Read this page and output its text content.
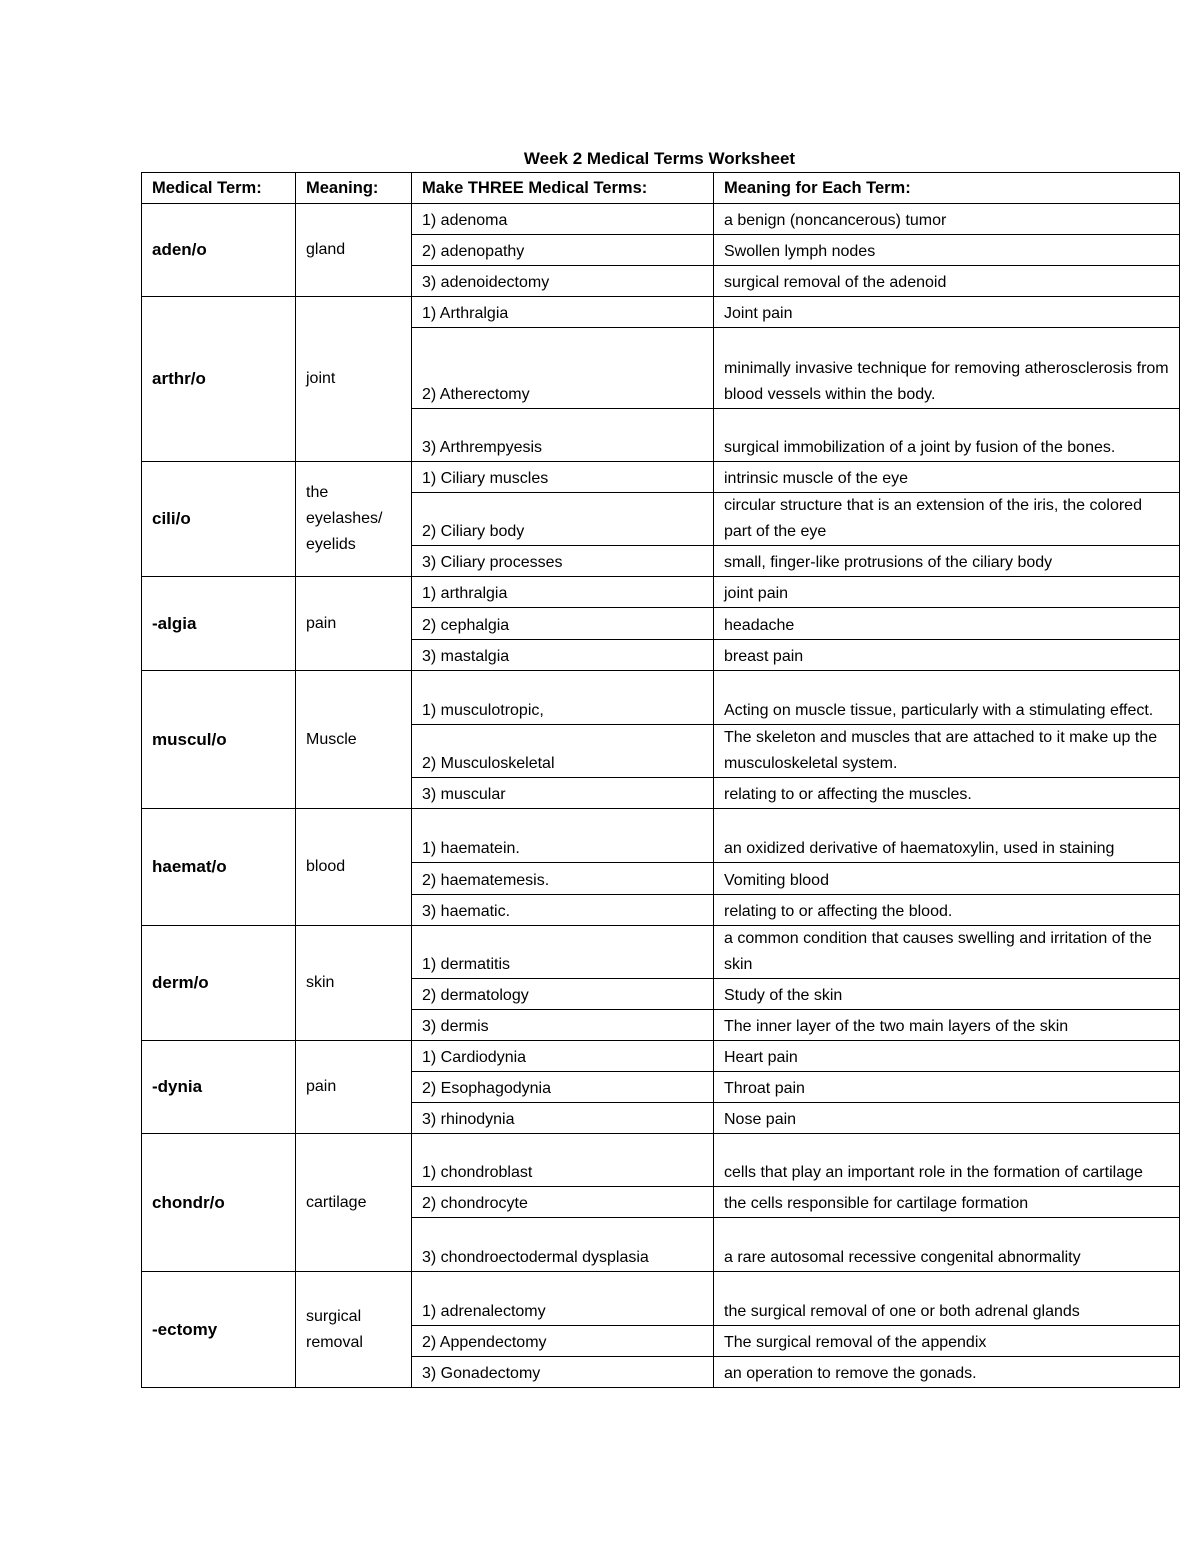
Week 2 Medical Terms Worksheet
Medical Term:	Meaning:	Make THREE Medical Terms:	Meaning for Each Term:
aden/o	gland	1) adenoma	a benign (noncancerous) tumor
		2) adenopathy	Swollen lymph nodes
		3) adenoidectomy	surgical removal of the adenoid
arthr/o	joint	1) Arthralgia	Joint pain
		2) Atherectomy	minimally invasive technique for removing atherosclerosis from blood vessels within the body.
		3) Arthrempyesis	surgical immobilization of a joint by fusion of the bones.
cili/o	the eyelashes/ eyelids	1) Ciliary muscles	intrinsic muscle of the eye
		2) Ciliary body	circular structure that is an extension of the iris, the colored part of the eye
		3) Ciliary processes	small, finger-like protrusions of the ciliary body
-algia	pain	1) arthralgia	joint pain
		2) cephalgia	headache
		3) mastalgia	breast pain
muscul/o	Muscle	1) musculotropic,	Acting on muscle tissue, particularly with a stimulating effect.
		2) Musculoskeletal	The skeleton and muscles that are attached to it make up the musculoskeletal system.
		3) muscular	relating to or affecting the muscles.
haemat/o	blood	1) haematein.	an oxidized derivative of haematoxylin, used in staining
		2) haematemesis.	Vomiting blood
		3) haematic.	relating to or affecting the blood.
derm/o	skin	1) dermatitis	a common condition that causes swelling and irritation of the skin
		2) dermatology	Study of the skin
		3) dermis	The inner layer of the two main layers of the skin
-dynia	pain	1) Cardiodynia	Heart pain
		2) Esophagodynia	Throat pain
		3) rhinodynia	Nose pain
chondr/o	cartilage	1) chondroblast	cells that play an important role in the formation of cartilage
		2) chondrocyte	the cells responsible for cartilage formation
		3) chondroectodermal dysplasia	a rare autosomal recessive congenital abnormality
-ectomy	surgical removal	1) adrenalectomy	the surgical removal of one or both adrenal glands
		2) Appendectomy	The surgical removal of the appendix
		3) Gonadectomy	an operation to remove the gonads.
